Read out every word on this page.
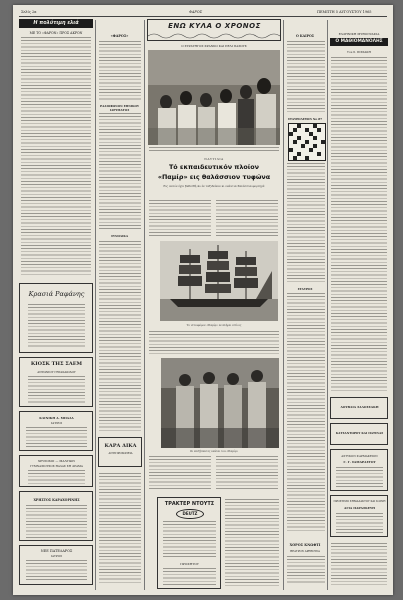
Σελίς 2α	ΦΑΡΟΣ	ΠΕΜΠΤΗ 5 ΑΥΓΟΥΣΤΟΥ 1965
Η πολύτιμη ελιά
ΜΕ ΤΟ «ΦΑΡΟΝ» ΠΡΟΣ ΑΚΡΟΝ
Κρασιά Ραφάνης
ΚΙΟΣΚ ΤΗΣ ΣΑΕΜ
ΑΝΤΩΝΙΟΥ ΓΕΡΑΚΑΚΙΔΟΥ
ΚΛΙΝΙΚΗ Α. ΜΠΑΛΑ
ΙΑΤΡΟΙ
ΧΡΥΣΟΧΟΙ — ΜΑΛΤΙΩΝ
ΓΥΜΝΑΣΙΟΥΧΟΣ ΘΑΛΑΣ ΣΗ ΔΡΑΜΑ
ΧΡΗΣΤΟΣ ΚΑΡΑΧΟΡΙΝΗΣ
ΝΕΕ ΠΑΤΕΛΑΡΟΣ
ΙΑΤΡΟΣ
«ΦΑΡΟΣ»
ΡΑΔΙΟΦΩΝΟΝ ΕΘΝΙΚΟΥ ΙΔΡΥΜΑΤΟΣ
ΣΥΝΟΛΙΚΑ
ΚΑΡΑ ΔΙΚΑ
ΑΝΤΙΠΡΟΣΩΠΕΙΑ
ΕΝΩ ΚΥΛΑ Ο ΧΡΟΝΟΣ
Ο ΣΤΡΑΤΗΓΟΣ ΦΡΑΝΚΟ ΚΑΙ ΠΕΛΙ ΠΑΣΟΥΣ
ΝΑΥΤΙΛΙΑ
Τό εκπαιδευτικόν πλοίον
«Παμίρ» εις θαλάσσιον τυφώνα
Εις αυτόν έχει βυθισθή 4ο έν ταξιδεύειν κι ενάντια θαλάσσια φορτηγά
Το ιστιοφόρον «Παμίρ» εν πλήρει ιστίοις
Οι επιζήσαντες ναύται του «Παμίρ»
ΤΡΑΚΤΕΡ ΝΤΟΥΤΣ
DEUTZ
ΠΡΟΦΗΤΟΥ
Ο ΚΑΙΡΟΣ
ΣΤΑΥΡΟΛΕΞΟΝ Νο 87
ΣΤΑΥΡΟΣ
ΧΟΡΟΣ ΚΝΩΦΤΙ
ΘΕΑΤΡΟΝ ΑΡΕΘΟΥΣΑ
ΕΛΛΗΝΙΚΗ ΜΥΘΟΓΡΑΦΙΑ
Ο ΜΑΘΙΟΜΑΝΟΛΗΣ
Του Σ. ΠΙΣΣΑΚΗ
ΔΟΥΒΛΙΑ ΣΑΛΟΣΣΑΚΗ
ΚΑΤΣΑΝΤΩΡΟΥ ΚΑΙ ΠΑΤΙΝΑΣ
ΑΣΤΥΚΟΝ ΦΑΡΜΑΚΕΙΟΝ
Γ. Γ. ΣΑΜΑΡΑΣΤΟΥ
ΠΡΟΣΤΙΜΟ ΣΗΜΑΔΑΚΤΟΥ ΚΑΙ ΚΛΙΝΗ
ΑΓΙΑ ΠΑΡΑΣΚΕΥΗ
